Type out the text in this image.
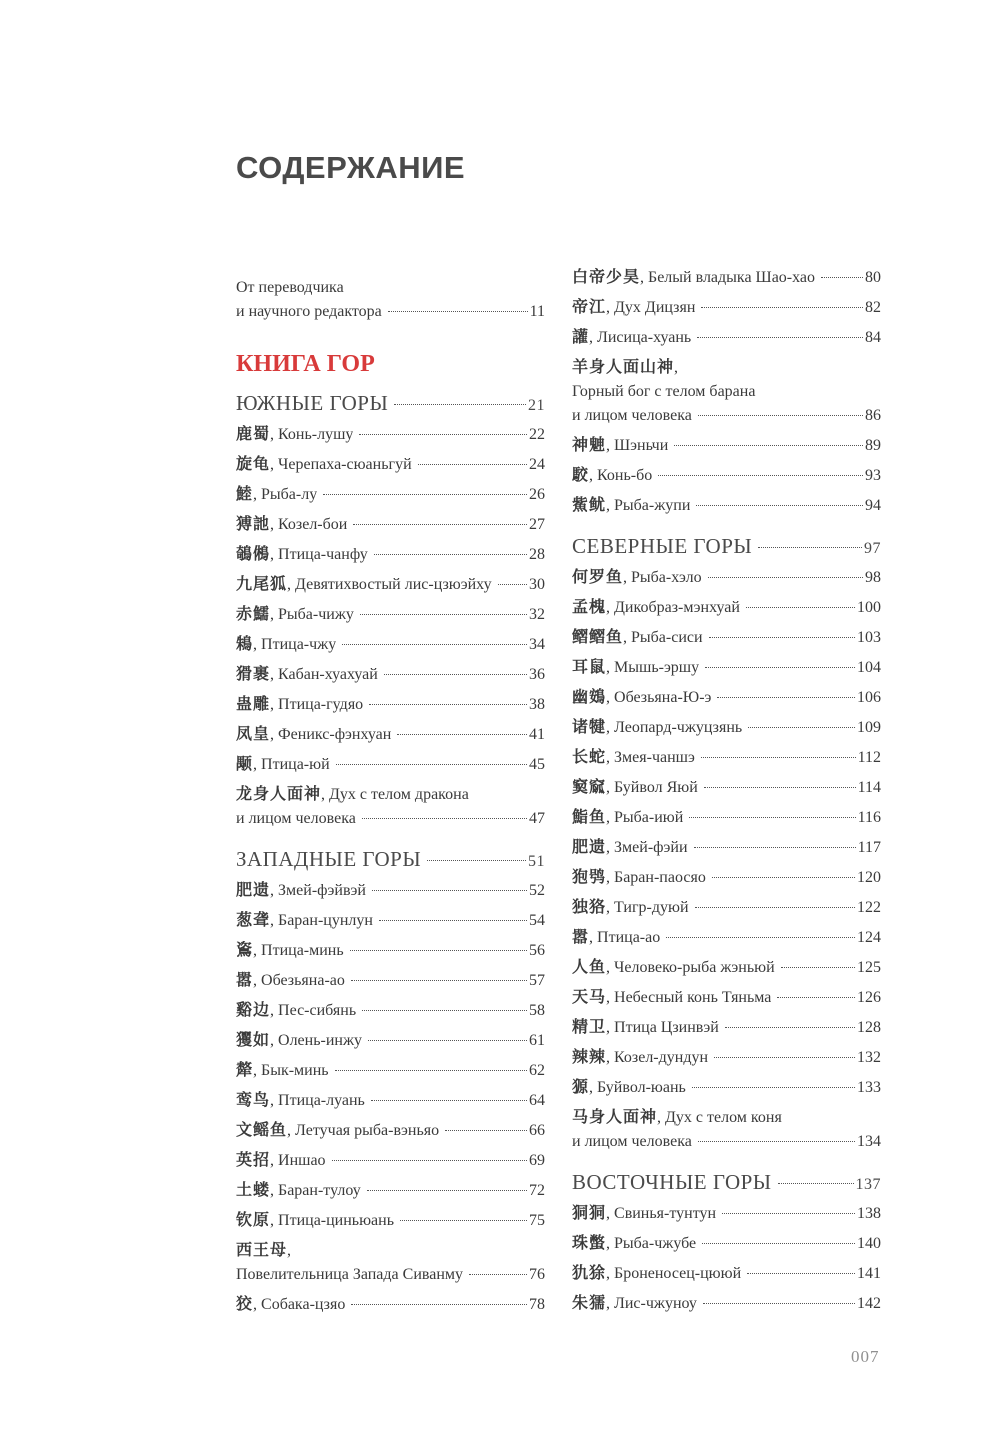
СОДЕРЖАНИЕ
От переводчика
и научного редактора	11
КНИГА ГОР
ЮЖНЫЕ ГОРЫ	21
鹿蜀, Конь-лушу	22
旋龟, Черепаха-сюаньгуй	24
鯥, Рыба-лу	26
猼訑, Козел-бои	27
鵸鵂, Птица-чанфу	28
九尾狐, Девятихвостый лис-цзюэйху 30
赤鱬, Рыба-чижу	32
鴸, Птица-чжу	34
猾裹, Кабан-хуахуай	36
蛊雕, Птица-гудяо	38
凤皇, Феникс-фэнхуан	41
颙, Птица-юй	45
龙身人面神, Дух с телом дракона
и лицом человека	47
ЗАПАДНЫЕ ГОРЫ	51
肥遗, Змей-фэйвэй	52
葱聋, Баран-цунлун	54
䳐, Птица-минь	56
嚣, Обезьяна-ао	57
谿边, Пес-сибянь	58
玃如, Олень-инжу	61
犛, Бык-минь	62
鸾鸟, Птица-луань	64
文鳐鱼, Летучая рыба-вэньяо	66
英招, Иншао	69
土蝼, Баран-тулоу	72
钦原, Птица-циньюань	75
西王母,
Повелительница Запада Сиванму	76
狡, Собака-цзяо	78
白帝少昊, Белый владыка Шао-хао	80
帝江, Дух Дицзян	82
讙, Лисица-хуань	84
羊身人面山神,
Горный бог с телом барана
и лицом человека	86
神䰠, Шэньчи	89
駮, Конь-бо	93
鮆鱿, Рыба-жупи	94
СЕВЕРНЫЕ ГОРЫ	97
何罗鱼, Рыба-хэло	98
孟槐, Дикобраз-мэнхуай	100
鳛鳛鱼, Рыба-сиси	103
耳鼠, Мышь-эршу	104
幽鴳, Обезьяна-Ю-э	106
诸犍, Леопард-чжуцзянь	109
长蛇, Змея-чаншэ	112
窫窳, Буйвол Яюй	114
鮨鱼, Рыба-июй	116
肥遗, Змей-фэйи	117
狍鸮, Баран-паосяо	120
独狢, Тигр-дуюй	122
嚣, Птица-ао	124
人鱼, Человеко-рыба жэньюй	125
天马, Небесный конь Тяньма	126
精卫, Птица Цзинвэй	128
辣辣, Козел-дундун	132
獂, Буйвол-юань	133
马身人面神, Дух с телом коня
и лицом человека	134
ВОСТОЧНЫЕ ГОРЫ	137
狪狪, Свинья-тунтун	138
珠蟞, Рыба-чжубе	140
犰狳, Броненосец-цююй	141
朱獳, Лис-чжуноу	142
007
